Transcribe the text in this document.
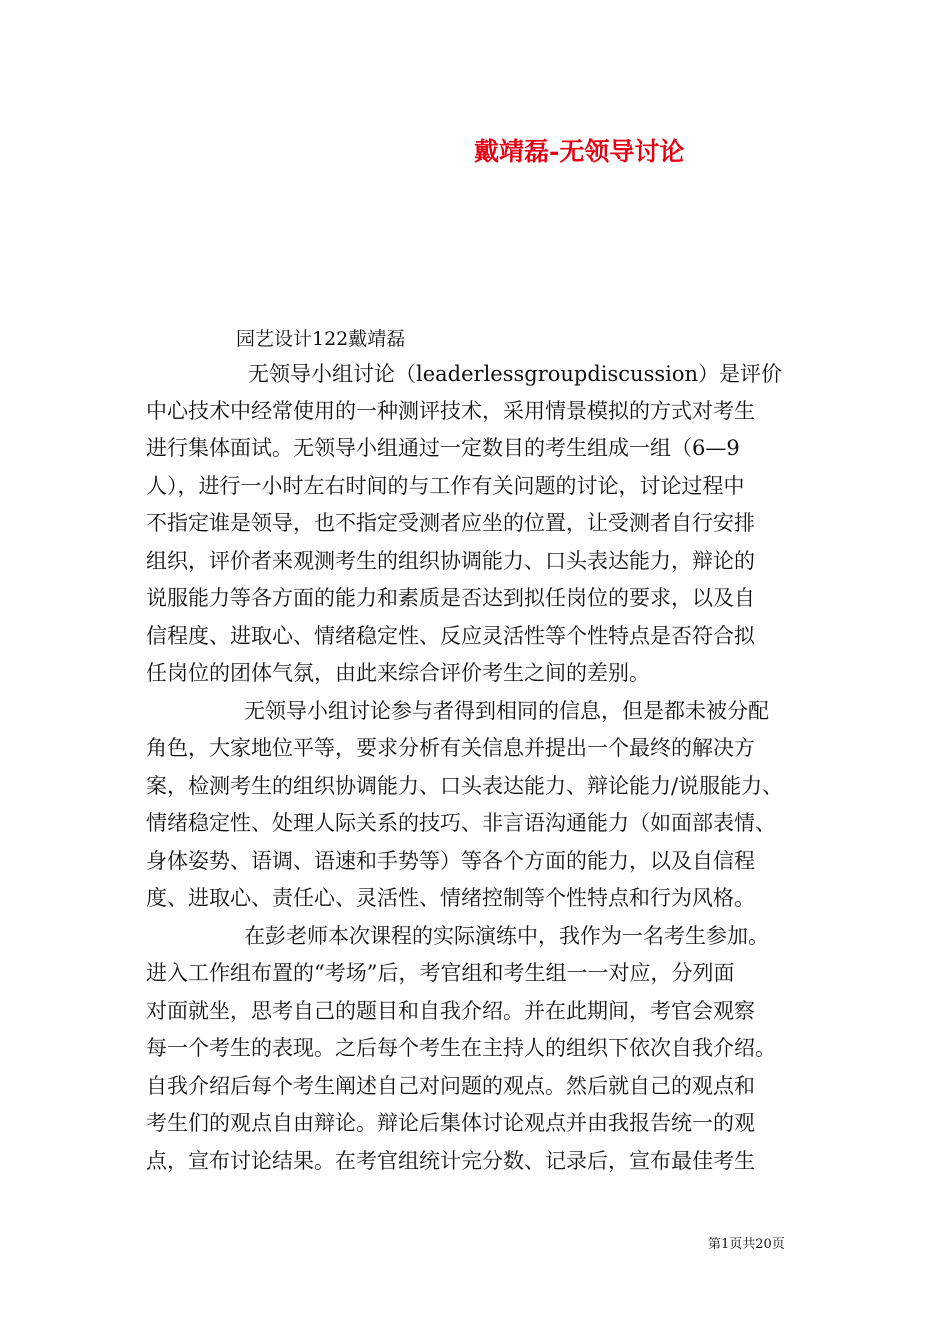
戴靖磊-无领导讨论
园艺设计122戴靖磊
无领导小组讨论（leaderlessgroupdiscussion）是评价
中心技术中经常使用的一种测评技术，采用情景模拟的方式对考生
进行集体面试。无领导小组通过一定数目的考生组成一组（6—9
人），进行一小时左右时间的与工作有关问题的讨论，讨论过程中
不指定谁是领导，也不指定受测者应坐的位置，让受测者自行安排
组织，评价者来观测考生的组织协调能力、口头表达能力，辩论的
说服能力等各方面的能力和素质是否达到拟任岗位的要求，以及自
信程度、进取心、情绪稳定性、反应灵活性等个性特点是否符合拟
任岗位的团体气氛，由此来综合评价考生之间的差别。
无领导小组讨论参与者得到相同的信息，但是都未被分配
角色，大家地位平等，要求分析有关信息并提出一个最终的解决方
案，检测考生的组织协调能力、口头表达能力、辩论能力/说服能力、
情绪稳定性、处理人际关系的技巧、非言语沟通能力（如面部表情、
身体姿势、语调、语速和手势等）等各个方面的能力，以及自信程
度、进取心、责任心、灵活性、情绪控制等个性特点和行为风格。
在彭老师本次课程的实际演练中，我作为一名考生参加。
进入工作组布置的“考场”后，考官组和考生组一一对应，分列面
对面就坐，思考自己的题目和自我介绍。并在此期间，考官会观察
每一个考生的表现。之后每个考生在主持人的组织下依次自我介绍。
自我介绍后每个考生阐述自己对问题的观点。然后就自己的观点和
考生们的观点自由辩论。辩论后集体讨论观点并由我报告统一的观
点，宣布讨论结果。在考官组统计完分数、记录后，宣布最佳考生
第1页共20页
